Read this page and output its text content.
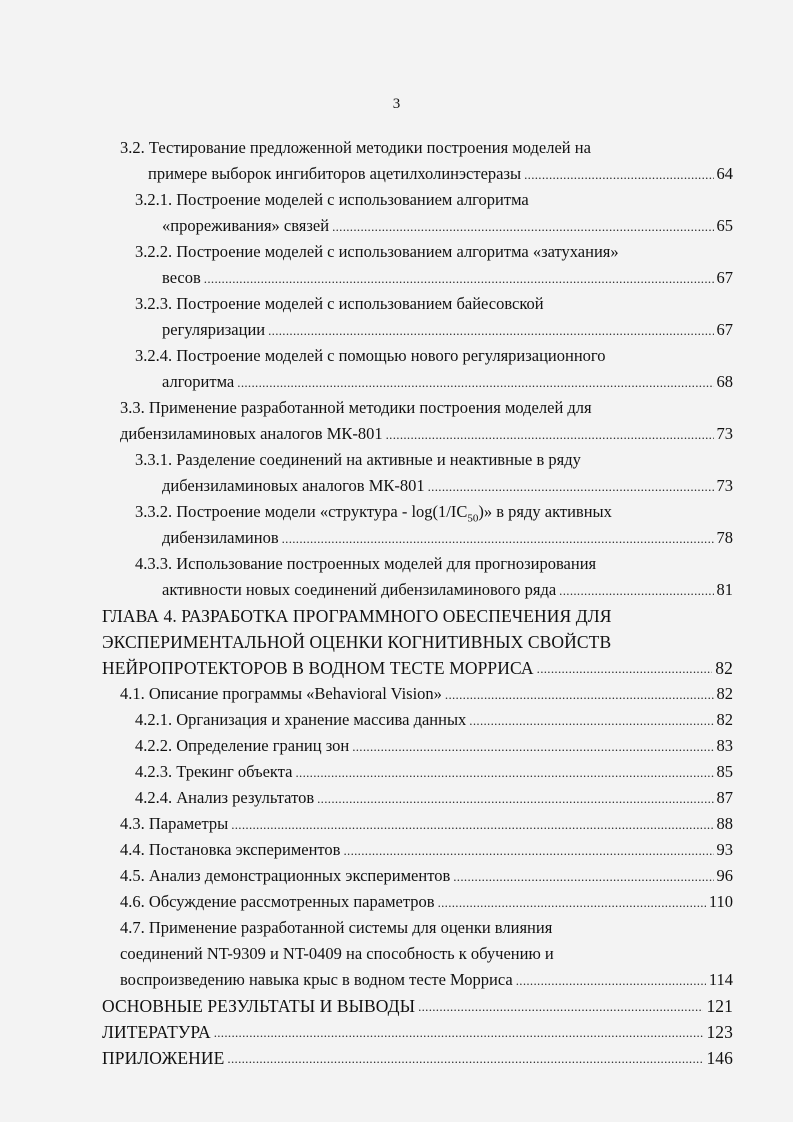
3
3.2. Тестирование предложенной методики построения моделей на
примере выборок ингибиторов ацетилхолинэстеразы .....	64
3.2.1. Построение моделей с использованием алгоритма
«прореживания» связей .....	65
3.2.2. Построение моделей с использованием алгоритма «затухания»
весов .....	67
3.2.3. Построение моделей с использованием байесовской
регуляризации .....	67
3.2.4. Построение моделей с помощью нового регуляризационного
алгоритма .....	68
3.3. Применение разработанной методики построения моделей для
дибензиламиновых аналогов МК-801 .....	73
3.3.1. Разделение соединений на активные и неактивные в ряду
дибензиламиновых аналогов МК-801 .....	73
3.3.2. Построение модели «структура - $\log(1/IC_{50})$» в ряду активных
дибензиламинов .....	78
4.3.3. Использование построенных моделей для прогнозирования
активности новых соединений дибензиламинового ряда .....	81
ГЛАВА 4. РАЗРАБОТКА ПРОГРАММНОГО ОБЕСПЕЧЕНИЯ ДЛЯ
ЭКСПЕРИМЕНТАЛЬНОЙ ОЦЕНКИ КОГНИТИВНЫХ СВОЙСТВ
НЕЙРОПРОТЕКТОРОВ В ВОДНОМ ТЕСТЕ МОРРИСА .....	82
4.1. Описание программы «Behavioral Vision» .....	82
4.2.1. Организация и хранение массива данных .....	82
4.2.2. Определение границ зон .....	83
4.2.3. Трекинг объекта .....	85
4.2.4. Анализ результатов .....	87
4.3. Параметры .....	88
4.4. Постановка экспериментов .....	93
4.5. Анализ демонстрационных экспериментов .....	96
4.6. Обсуждение рассмотренных параметров .....	110
4.7. Применение разработанной системы для оценки влияния
соединений NT-9309 и NT-0409 на способность к обучению и
воспроизведению навыка крыс в водном тесте Морриса .....	114
ОСНОВНЫЕ РЕЗУЛЬТАТЫ И ВЫВОДЫ .....	121
ЛИТЕРАТУРА .....	123
ПРИЛОЖЕНИЕ .....	146
